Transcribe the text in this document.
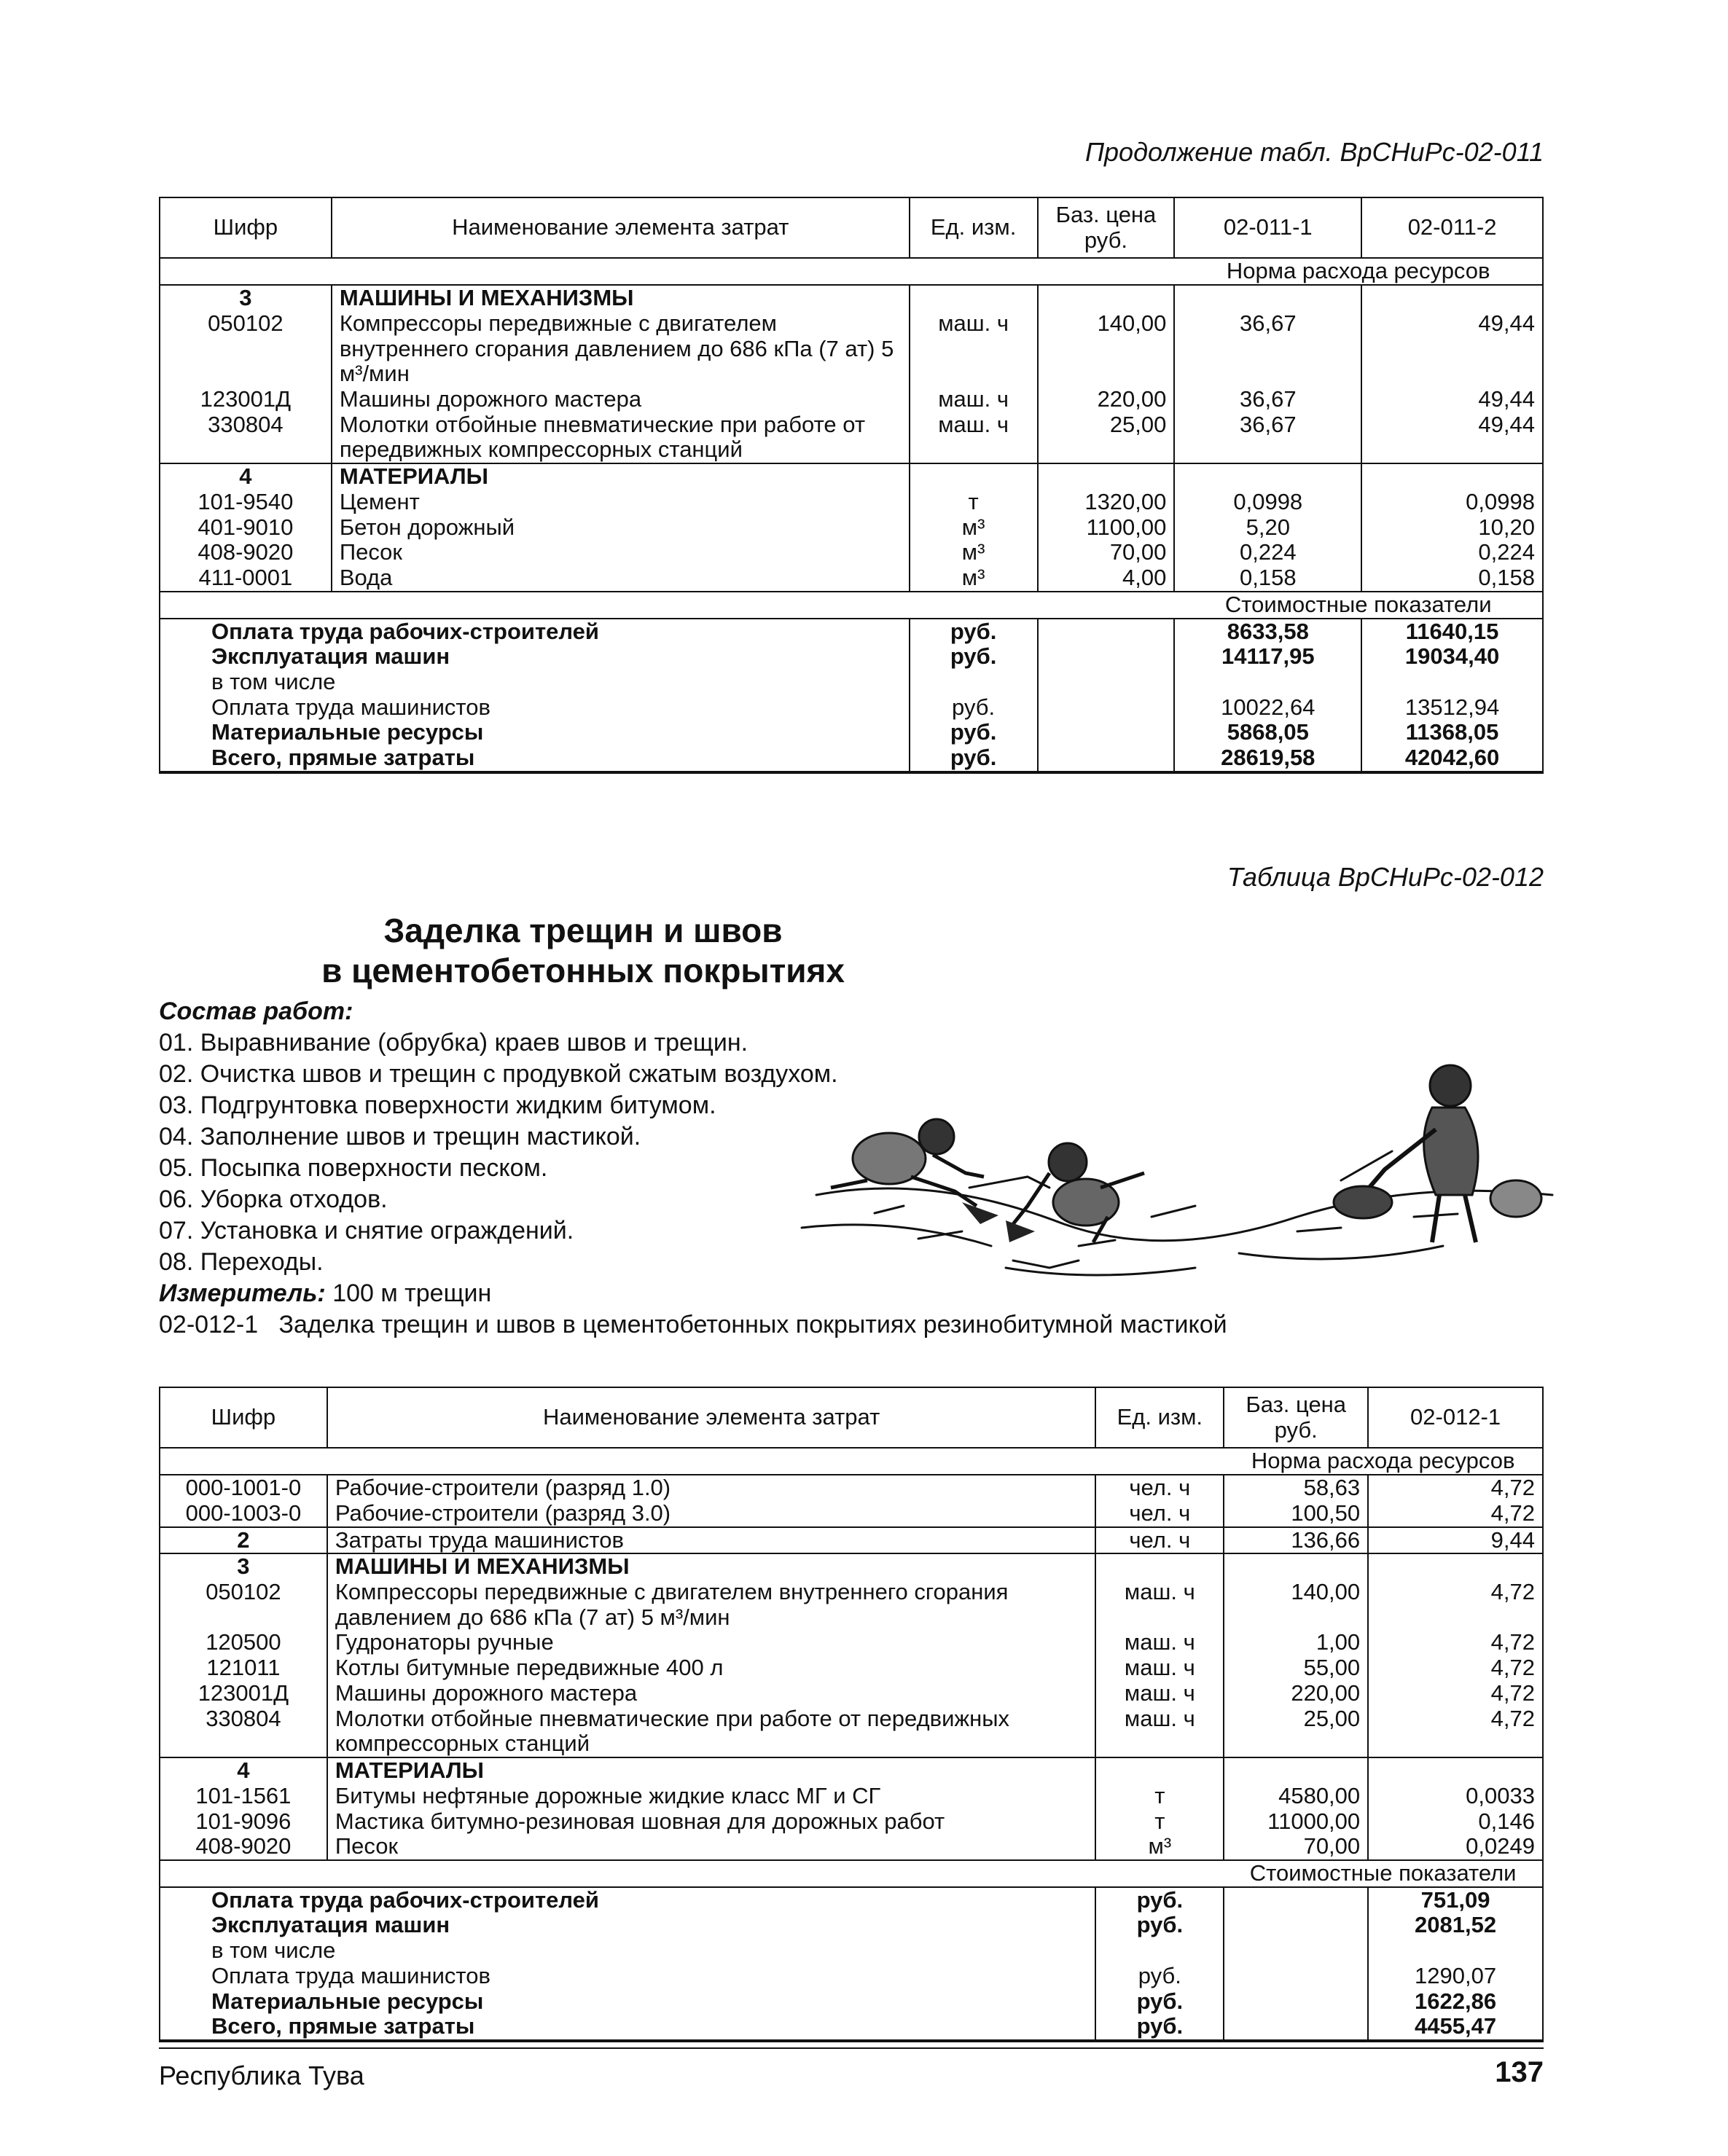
Продолжение табл. ВрСНиРс-02-011
Шифр	Наименование элемента затрат	Ед. изм.	Баз. цена руб.	02-011-1	02-011-2
				Норма расхода ресурсов	
3	МАШИНЫ И МЕХАНИЗМЫ				
050102	Компрессоры передвижные с двигателем внутреннего сгорания давлением до 686 кПа (7 ат) 5 м³/мин	маш. ч	140,00	36,67	49,44
123001Д	Машины дорожного мастера	маш. ч	220,00	36,67	49,44
330804	Молотки отбойные пневматические при работе от передвижных компрессорных станций	маш. ч	25,00	36,67	49,44
4	МАТЕРИАЛЫ				
101-9540	Цемент	т	1320,00	0,0998	0,0998
401-9010	Бетон дорожный	м³	1100,00	5,20	10,20
408-9020	Песок	м³	70,00	0,224	0,224
411-0001	Вода	м³	4,00	0,158	0,158
				Стоимостные показатели	
Оплата труда рабочих-строителей		руб.		8633,58	11640,15
Эксплуатация машин		руб.		14117,95	19034,40
в том числе					
Оплата труда машинистов		руб.		10022,64	13512,94
Материальные ресурсы		руб.		5868,05	11368,05
Всего, прямые затраты		руб.		28619,58	42042,60
Таблица ВрСНиРс-02-012
Заделка трещин и швов
в цементобетонных покрытиях
Состав работ:
01. Выравнивание (обрубка) краев швов и трещин.
02. Очистка швов и трещин с продувкой сжатым воздухом.
03. Подгрунтовка поверхности жидким битумом.
04. Заполнение швов и трещин мастикой.
05. Посыпка поверхности песком.
06. Уборка отходов.
07. Установка и снятие ограждений.
08. Переходы.
Измеритель: 100 м трещин
02-012-1 Заделка трещин и швов в цементобетонных покрытиях резинобитумной мастикой
Шифр	Наименование элемента затрат	Ед. изм.	Баз. цена руб.	02-012-1
			Норма расхода ресурсов	
000-1001-0	Рабочие-строители (разряд 1.0)	чел. ч	58,63	4,72
000-1003-0	Рабочие-строители (разряд 3.0)	чел. ч	100,50	4,72
2	Затраты труда машинистов	чел. ч	136,66	9,44
3	МАШИНЫ И МЕХАНИЗМЫ			
050102	Компрессоры передвижные с двигателем внутреннего сгорания давлением до 686 кПа (7 ат) 5 м³/мин	маш. ч	140,00	4,72
120500	Гудронаторы ручные	маш. ч	1,00	4,72
121011	Котлы битумные передвижные 400 л	маш. ч	55,00	4,72
123001Д	Машины дорожного мастера	маш. ч	220,00	4,72
330804	Молотки отбойные пневматические при работе от передвижных компрессорных станций	маш. ч	25,00	4,72
4	МАТЕРИАЛЫ			
101-1561	Битумы нефтяные дорожные жидкие класс МГ и СГ	т	4580,00	0,0033
101-9096	Мастика битумно-резиновая шовная для дорожных работ	т	11000,00	0,146
408-9020	Песок	м³	70,00	0,0249
			Стоимостные показатели	
Оплата труда рабочих-строителей		руб.		751,09
Эксплуатация машин		руб.		2081,52
в том числе				
Оплата труда машинистов		руб.		1290,07
Материальные ресурсы		руб.		1622,86
Всего, прямые затраты		руб.		4455,47
Республика Тува	137
